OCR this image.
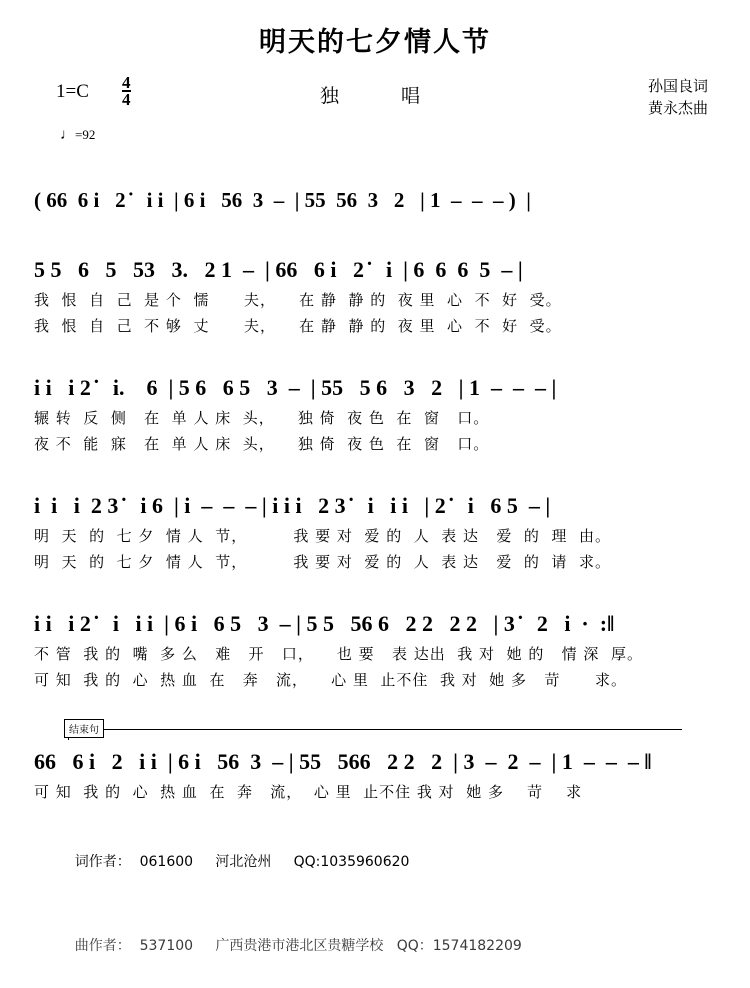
明天的七夕情人节
$1=C \frac{4}{4}$	独 唱	孙国良词
黄永杰曲
♩=92
( 66  6 i   2 ̇   i i  | 6 i   56  3  –  | 55  56  3   2   | 1  –  –  – )  |
5 5   6   5   53   3.   2 1  –  | 66   6 i   2 ̇   i  | 6  6  6  5  – |
我  恨  自  己  是 个  懦      夫，    在 静  静 的  夜 里  心  不  好  受。
我  恨  自  己  不 够  丈      夫，    在 静  静 的  夜 里  心  不  好  受。
i i   i 2 ̇   i.    6  | 5 6   6 5   3  –  | 55   5 6   3   2   | 1  –  –  – |
辗 转  反  侧   在  单 人 床  头，    独 倚  夜 色  在  窗   口。
夜 不  能  寐   在  单 人 床  头，    独 倚  夜 色  在  窗   口。
i  i   i  2 3 ̇   i 6  | i  –  –  – | i i i   2 3 ̇   i   i i   | 2 ̇   i   6 5  – |
明  天  的  七 夕  情 人  节，        我 要 对  爱 的  人  表 达   爱  的  理  由。
明  天  的  七 夕  情 人  节，        我 要 对  爱 的  人  表 达   爱  的  请  求。
i i   i 2 ̇   i   i i  | 6 i   6 5   3  – | 5 5   56 6   2 2   2 2   | 3 ̇   2   i  ·  :‖
不 管  我 的  嘴  多 么   难   开   口，    也 要   表 达出  我 对  她 的   情 深  厚。
可 知  我 的  心  热 血  在   奔   流，    心 里  止不住  我 对  她 多   苛      求。
结束句
66   6 i   2   i i  | 6 i   56  3  – | 55   566   2 2   2  | 3  –  2  –  | 1  –  –  – ‖
可 知  我 的  心  热 血  在  奔   流，  心 里  止不住 我 对  她 多    苛    求

词作者： 061600 河北沧州 QQ:1035960620

曲作者： 537100 广西贵港市港北区贵糖学校 QQ：1574182209
